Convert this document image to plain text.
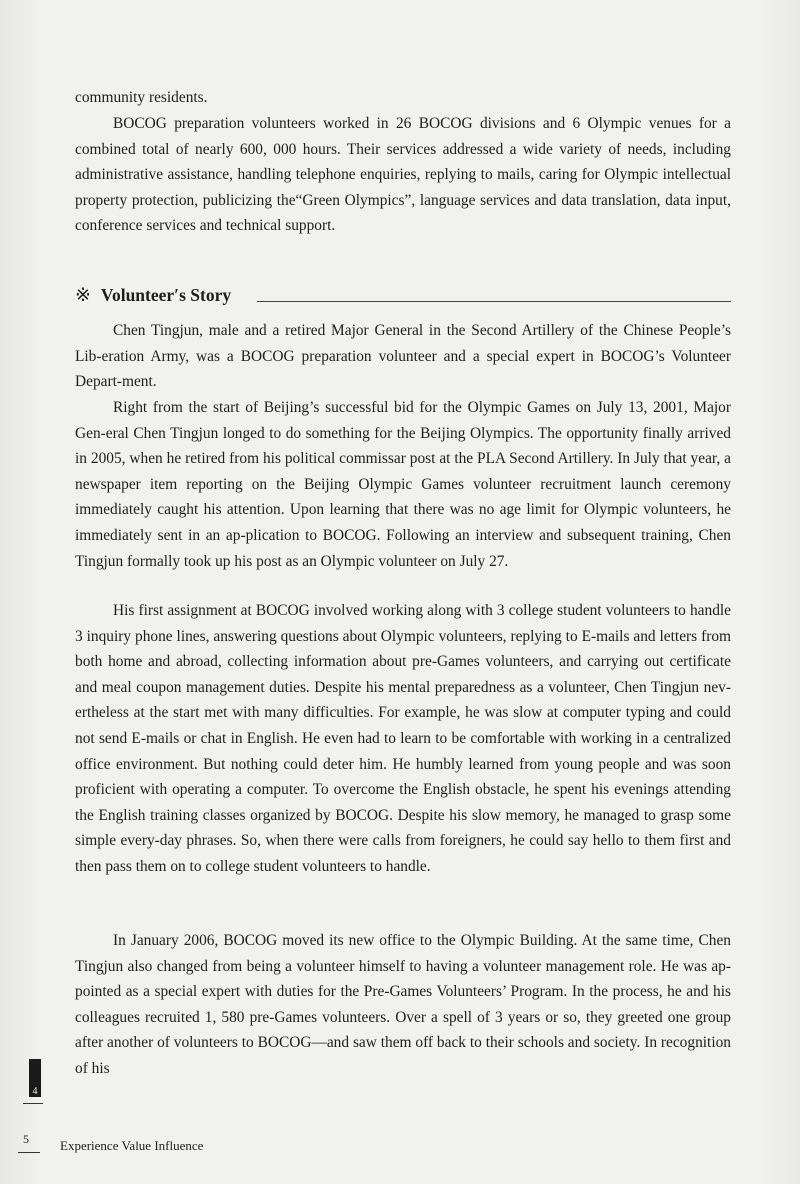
community residents.

BOCOG preparation volunteers worked in 26 BOCOG divisions and 6 Olympic venues for a combined total of nearly 600, 000 hours. Their services addressed a wide variety of needs, including administrative assistance, handling telephone enquiries, replying to mails, caring for Olympic intellectual property protection, publicizing the“Green Olympics”, language services and data translation, data input, conference services and technical support.

※ Volunteer′s Story

Chen Tingjun, male and a retired Major General in the Second Artillery of the Chinese People’s Lib-eration Army, was a BOCOG preparation volunteer and a special expert in BOCOG’s Volunteer Depart-ment.

Right from the start of Beijing’s successful bid for the Olympic Games on July 13, 2001, Major Gen-eral Chen Tingjun longed to do something for the Beijing Olympics. The opportunity finally arrived in 2005, when he retired from his political commissar post at the PLA Second Artillery. In July that year, a newspaper item reporting on the Beijing Olympic Games volunteer recruitment launch ceremony immediately caught his attention. Upon learning that there was no age limit for Olympic volunteers, he immediately sent in an ap-plication to BOCOG. Following an interview and subsequent training, Chen Tingjun formally took up his post as an Olympic volunteer on July 27.

His first assignment at BOCOG involved working along with 3 college student volunteers to handle 3 inquiry phone lines, answering questions about Olympic volunteers, replying to E-mails and letters from both home and abroad, collecting information about pre-Games volunteers, and carrying out certificate and meal coupon management duties. Despite his mental preparedness as a volunteer, Chen Tingjun nev-ertheless at the start met with many difficulties. For example, he was slow at computer typing and could not send E-mails or chat in English. He even had to learn to be comfortable with working in a centralized office environment. But nothing could deter him. He humbly learned from young people and was soon proficient with operating a computer. To overcome the English obstacle, he spent his evenings attending the English training classes organized by BOCOG. Despite his slow memory, he managed to grasp some simple every-day phrases. So, when there were calls from foreigners, he could say hello to them first and then pass them on to college student volunteers to handle.

In January 2006, BOCOG moved its new office to the Olympic Building. At the same time, Chen Tingjun also changed from being a volunteer himself to having a volunteer management role. He was ap-pointed as a special expert with duties for the Pre-Games Volunteers’ Program. In the process, he and his colleagues recruited 1, 580 pre-Games volunteers. Over a spell of 3 years or so, they greeted one group after another of volunteers to BOCOG—and saw them off back to their schools and society. In recognition of his

4
5 Experience Value Influence
